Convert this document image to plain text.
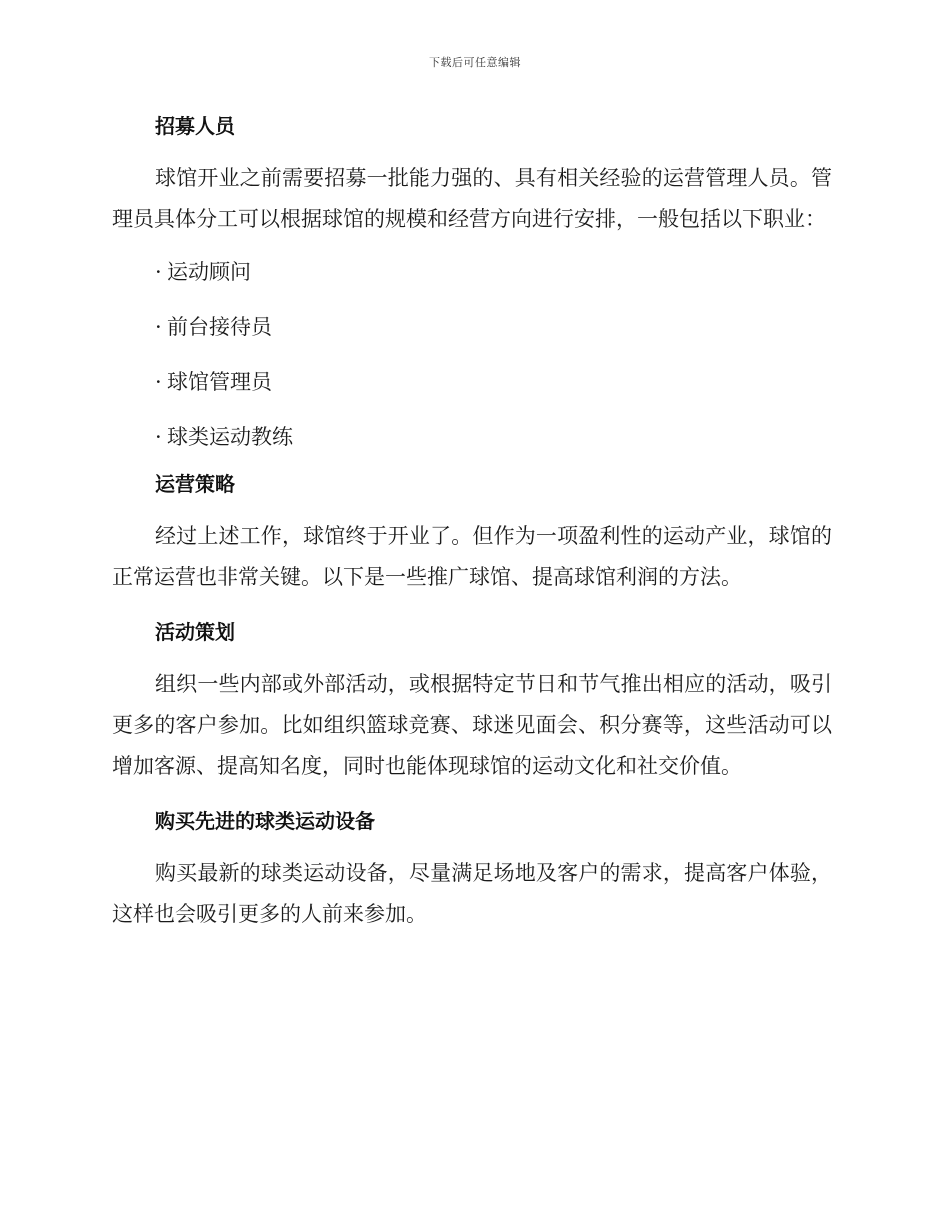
下载后可任意编辑
招募人员

球馆开业之前需要招募一批能力强的、具有相关经验的运营管理人员。管理员具体分工可以根据球馆的规模和经营方向进行安排，一般包括以下职业：

· 运动顾问
· 前台接待员
· 球馆管理员
· 球类运动教练
运营策略

经过上述工作，球馆终于开业了。但作为一项盈利性的运动产业，球馆的正常运营也非常关键。以下是一些推广球馆、提高球馆利润的方法。

活动策划

组织一些内部或外部活动，或根据特定节日和节气推出相应的活动，吸引更多的客户参加。比如组织篮球竞赛、球迷见面会、积分赛等，这些活动可以增加客源、提高知名度，同时也能体现球馆的运动文化和社交价值。

购买先进的球类运动设备

购买最新的球类运动设备，尽量满足场地及客户的需求，提高客户体验，这样也会吸引更多的人前来参加。
